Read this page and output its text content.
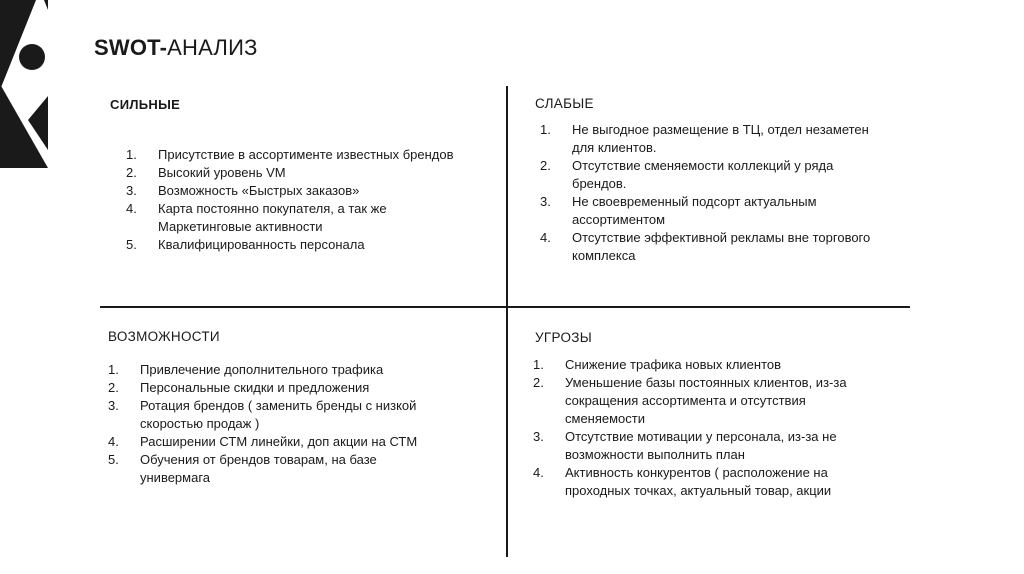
SWOT-АНАЛИЗ
СИЛЬНЫЕ
1. Присутствие в ассортименте известных брендов
2. Высокий уровень VM
3. Возможность «Быстрых заказов»
4. Карта постоянно покупателя, а так же Маркетинговые активности
5. Квалифицированность персонала
СЛАБЫЕ
1. Не выгодное размещение в ТЦ, отдел незаметен для клиентов.
2. Отсутствие сменяемости коллекций у ряда брендов.
3. Не своевременный подсорт актуальным ассортиментом
4. Отсутствие эффективной рекламы вне торгового комплекса
ВОЗМОЖНОСТИ
1. Привлечение дополнительного трафика
2. Персональные скидки и предложения
3. Ротация брендов ( заменить бренды с низкой скоростью продаж )
4. Расширении СТМ линейки, доп акции на СТМ
5. Обучения от брендов товарам, на базе универмага
УГРОЗЫ
1. Снижение трафика новых клиентов
2. Уменьшение базы постоянных клиентов, из-за сокращения ассортимента и отсутствия сменяемости
3. Отсутствие мотивации у персонала, из-за не возможности выполнить план
4. Активность конкурентов ( расположение на проходных точках, актуальный товар, акции
